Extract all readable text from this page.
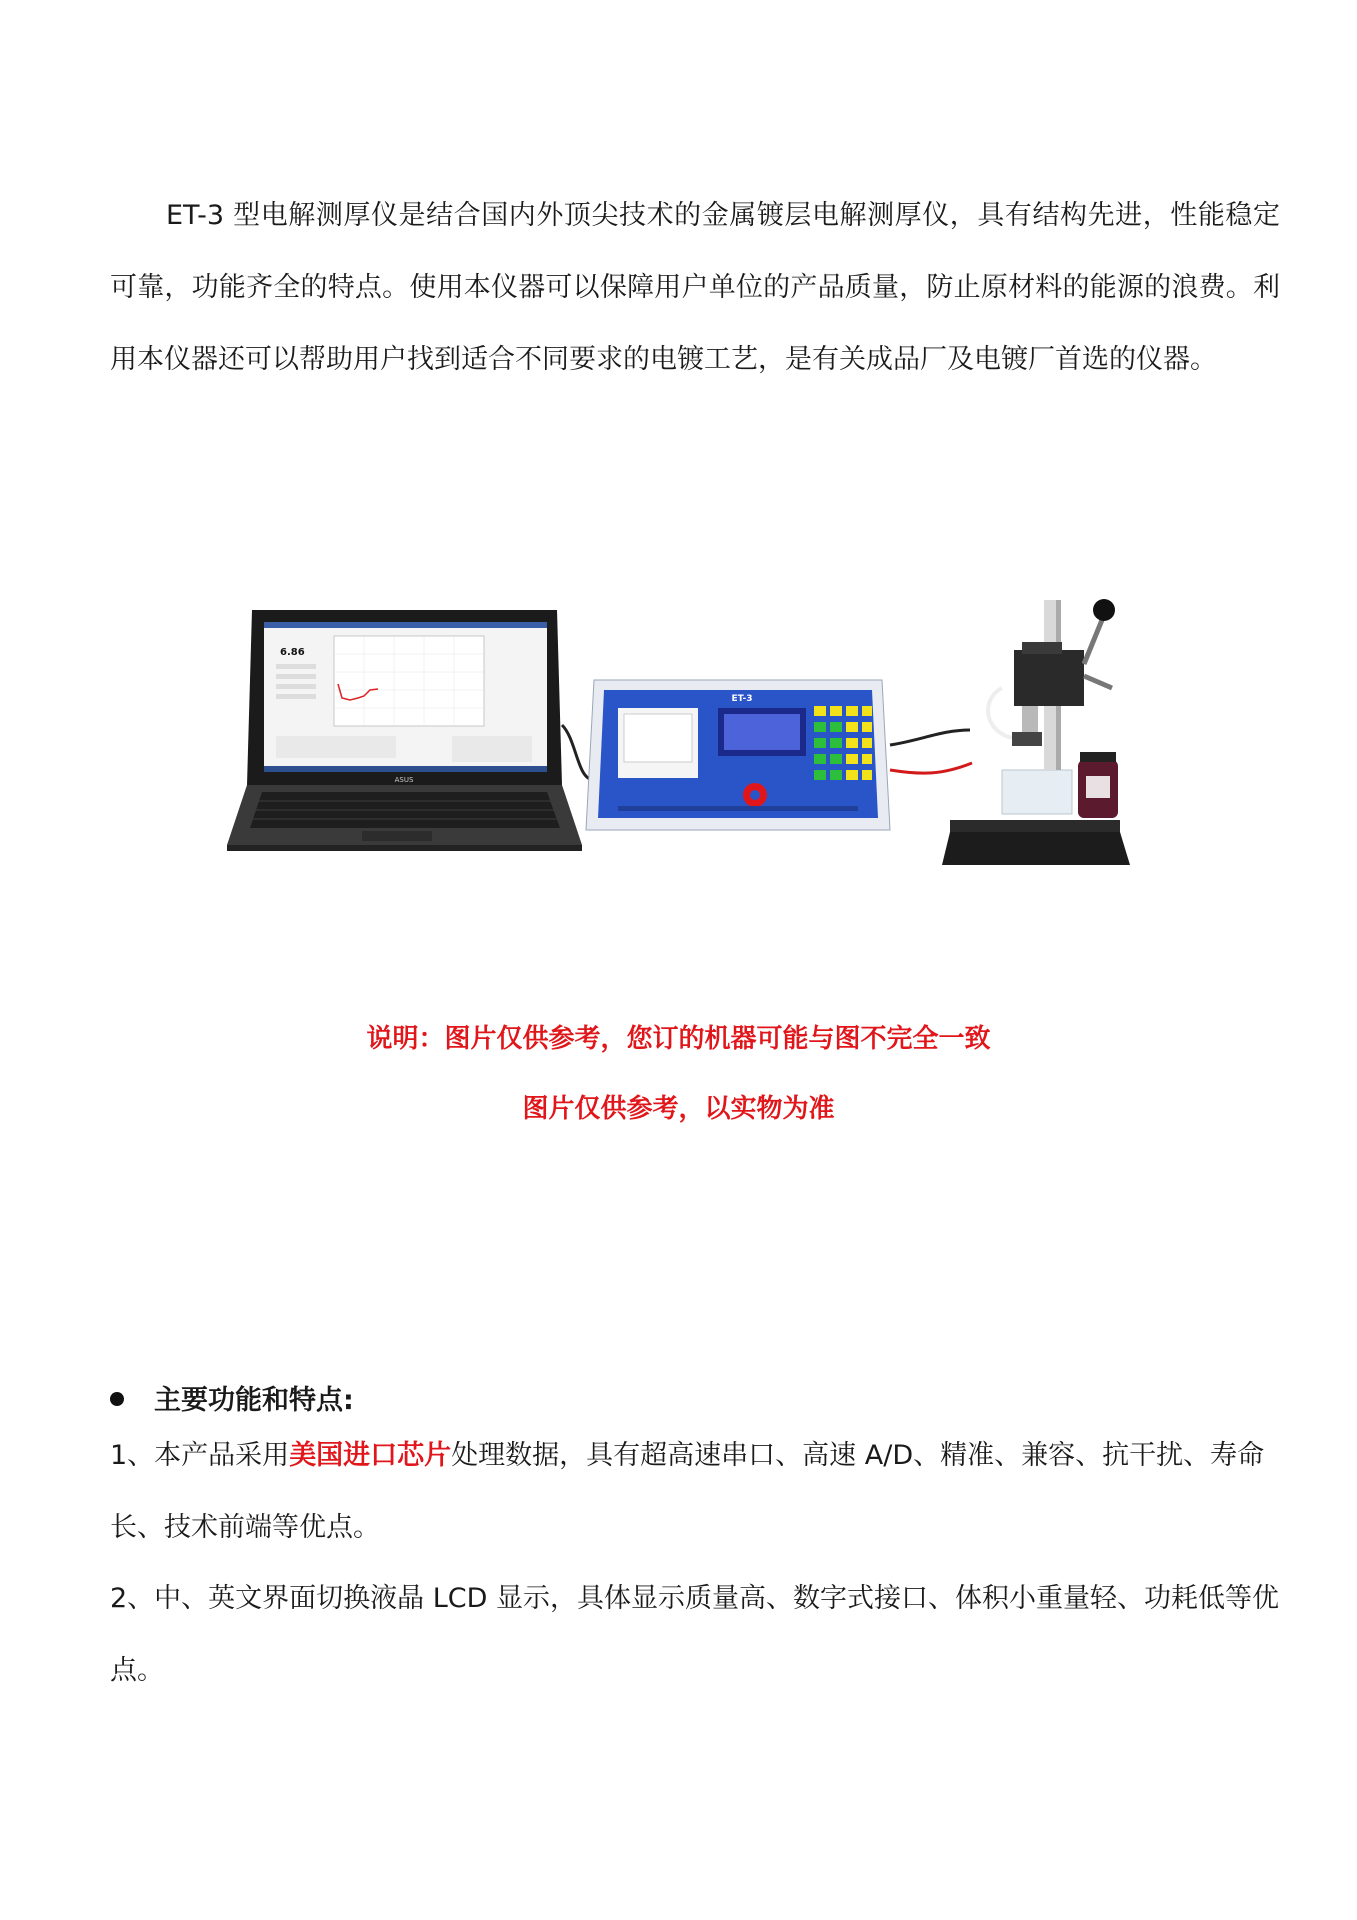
ET-3 型电解测厚仪是结合国内外顶尖技术的金属镀层电解测厚仪，具有结构先进，性能稳定可靠，功能齐全的特点。使用本仪器可以保障用户单位的产品质量，防止原材料的能源的浪费。利用本仪器还可以帮助用户找到适合不同要求的电镀工艺，是有关成品厂及电镀厂首选的仪器。

6.86
ASUS
ET-3
说明：图片仅供参考，您订的机器可能与图不完全一致
图片仅供参考，以实物为准
主要功能和特点:

1、本产品采用美国进口芯片处理数据，具有超高速串口、高速 A/D、精准、兼容、抗干扰、寿命长、技术前端等优点。

2、中、英文界面切换液晶 LCD 显示，具体显示质量高、数字式接口、体积小重量轻、功耗低等优点。
